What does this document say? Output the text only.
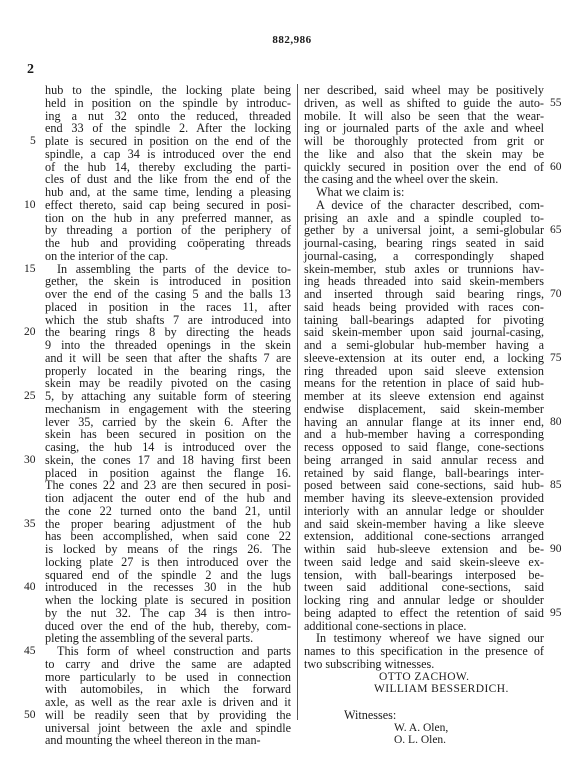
2
882,986
hub to the spindle, the locking plate being
held in position on the spindle by introduc-
ing a nut 32 onto the reduced, threaded
end 33 of the spindle 2. After the locking
plate is secured in position on the end of the
spindle, a cap 34 is introduced over the end
of the hub 14, thereby excluding the parti-
cles of dust and the like from the end of the
hub and, at the same time, lending a pleasing
effect thereto, said cap being secured in posi-
tion on the hub in any preferred manner, as
by threading a portion of the periphery of
the hub and providing coöperating threads
on the interior of the cap.
In assembling the parts of the device to-
gether, the skein is introduced in position
over the end of the casing 5 and the balls 13
placed in position in the races 11, after
which the stub shafts 7 are introduced into
the bearing rings 8 by directing the heads
9 into the threaded openings in the skein
and it will be seen that after the shafts 7 are
properly located in the bearing rings, the
skein may be readily pivoted on the casing
5, by attaching any suitable form of steering
mechanism in engagement with the steering
lever 35, carried by the skein 6. After the
skein has been secured in position on the
casing, the hub 14 is introduced over the
skein, the cones 17 and 18 having first been
placed in position against the flange 16.
The cones 22 and 23 are then secured in posi-
tion adjacent the outer end of the hub and
the cone 22 turned onto the band 21, until
the proper bearing adjustment of the hub
has been accomplished, when said cone 22
is locked by means of the rings 26. The
locking plate 27 is then introduced over the
squared end of the spindle 2 and the lugs
introduced in the recesses 30 in the hub
when the locking plate is secured in position
by the nut 32. The cap 34 is then intro-
duced over the end of the hub, thereby, com-
pleting the assembling of the several parts.
This form of wheel construction and parts
to carry and drive the same are adapted
more particularly to be used in connection
with automobiles, in which the forward
axle, as well as the rear axle is driven and it
will be readily seen that by providing the
universal joint between the axle and spindle
and mounting the wheel thereon in the man-
ner described, said wheel may be positively
driven, as well as shifted to guide the auto-
mobile. It will also be seen that the wear-
ing or journaled parts of the axle and wheel
will be thoroughly protected from grit or
the like and also that the skein may be
quickly secured in position over the end of
the casing and the wheel over the skein.
What we claim is:
A device of the character described, com-
prising an axle and a spindle coupled to-
gether by a universal joint, a semi-globular
journal-casing, bearing rings seated in said
journal-casing, a correspondingly shaped
skein-member, stub axles or trunnions hav-
ing heads threaded into said skein-members
and inserted through said bearing rings,
said heads being provided with races con-
taining ball-bearings adapted for pivoting
said skein-member upon said journal-casing,
and a semi-globular hub-member having a
sleeve-extension at its outer end, a locking
ring threaded upon said sleeve extension
means for the retention in place of said hub-
member at its sleeve extension end against
endwise displacement, said skein-member
having an annular flange at its inner end,
and a hub-member having a corresponding
recess opposed to said flange, cone-sections
being arranged in said annular recess and
retained by said flange, ball-bearings inter-
posed between said cone-sections, said hub-
member having its sleeve-extension provided
interiorly with an annular ledge or shoulder
and said skein-member having a like sleeve
extension, additional cone-sections arranged
within said hub-sleeve extension and be-
tween said ledge and said skein-sleeve ex-
tension, with ball-bearings interposed be-
tween said additional cone-sections, said
locking ring and annular ledge or shoulder
being adapted to effect the retention of said
additional cone-sections in place.
In testimony whereof we have signed our
names to this specification in the presence of
two subscribing witnesses.
OTTO ZACHOW.
WILLIAM BESSERDICH.

Witnesses:
W. A. Olen,
O. L. Olen.
5
10
15
20
25
30
35
40
45
50
55
60
65
70
75
80
85
90
95
